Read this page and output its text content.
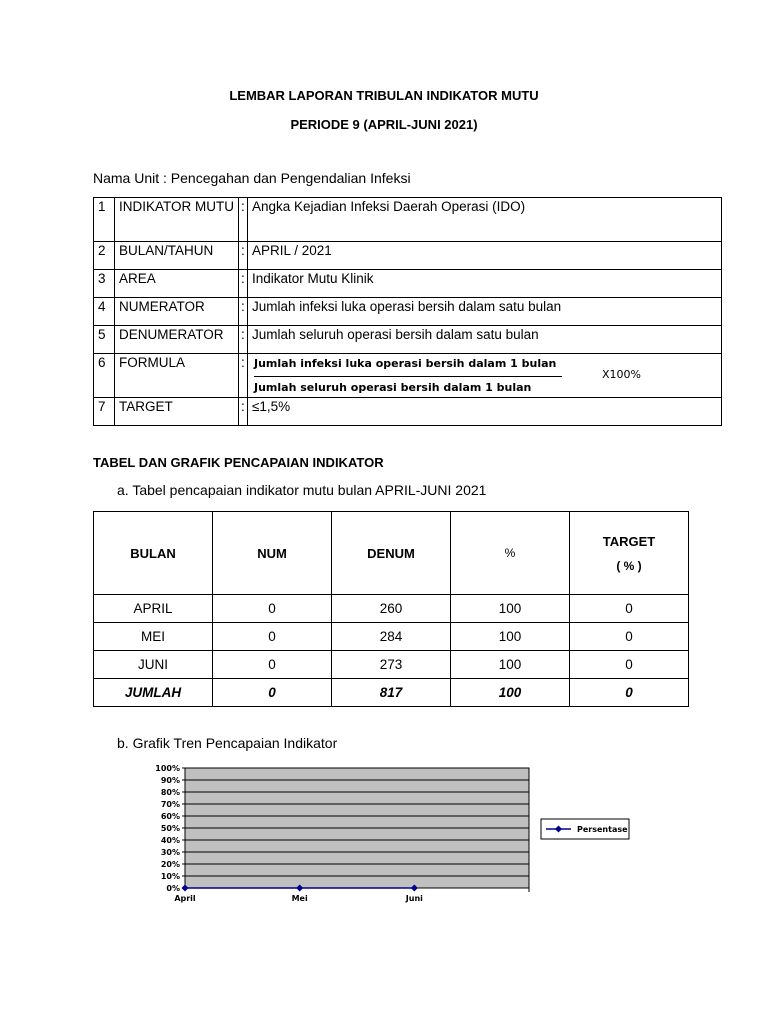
LEMBAR LAPORAN TRIBULAN INDIKATOR MUTU
PERIODE 9 (APRIL-JUNI 2021)
Nama Unit : Pencegahan dan Pengendalian Infeksi
1	INDIKATOR MUTU	:	Angka Kejadian Infeksi Daerah Operasi (IDO)
2	BULAN/TAHUN	:	APRIL / 2021
3	AREA	:	Indikator Mutu Klinik
4	NUMERATOR	:	Jumlah infeksi luka operasi bersih dalam satu bulan
5	DENUMERATOR	:	Jumlah seluruh operasi bersih dalam satu bulan
6	FORMULA	:	Jumlah infeksi luka operasi bersih dalam 1 bulan
Jumlah seluruh operasi bersih dalam 1 bulan
X100%

7	TARGET	:	≤1,5%
TABEL DAN GRAFIK PENCAPAIAN INDIKATOR
a. Tabel pencapaian indikator mutu bulan APRIL-JUNI 2021
BULAN	NUM	DENUM	%	TARGET
( % )

APRIL	0	260	100	0
MEI	0	284	100	0
JUNI	0	273	100	0
JUMLAH	0	817	100	0
b. Grafik Tren Pencapaian Indikator
0%
10%
20%
30%
40%
50%
60%
70%
80%
90%
100%
April	Mei	Juni
Persentase
